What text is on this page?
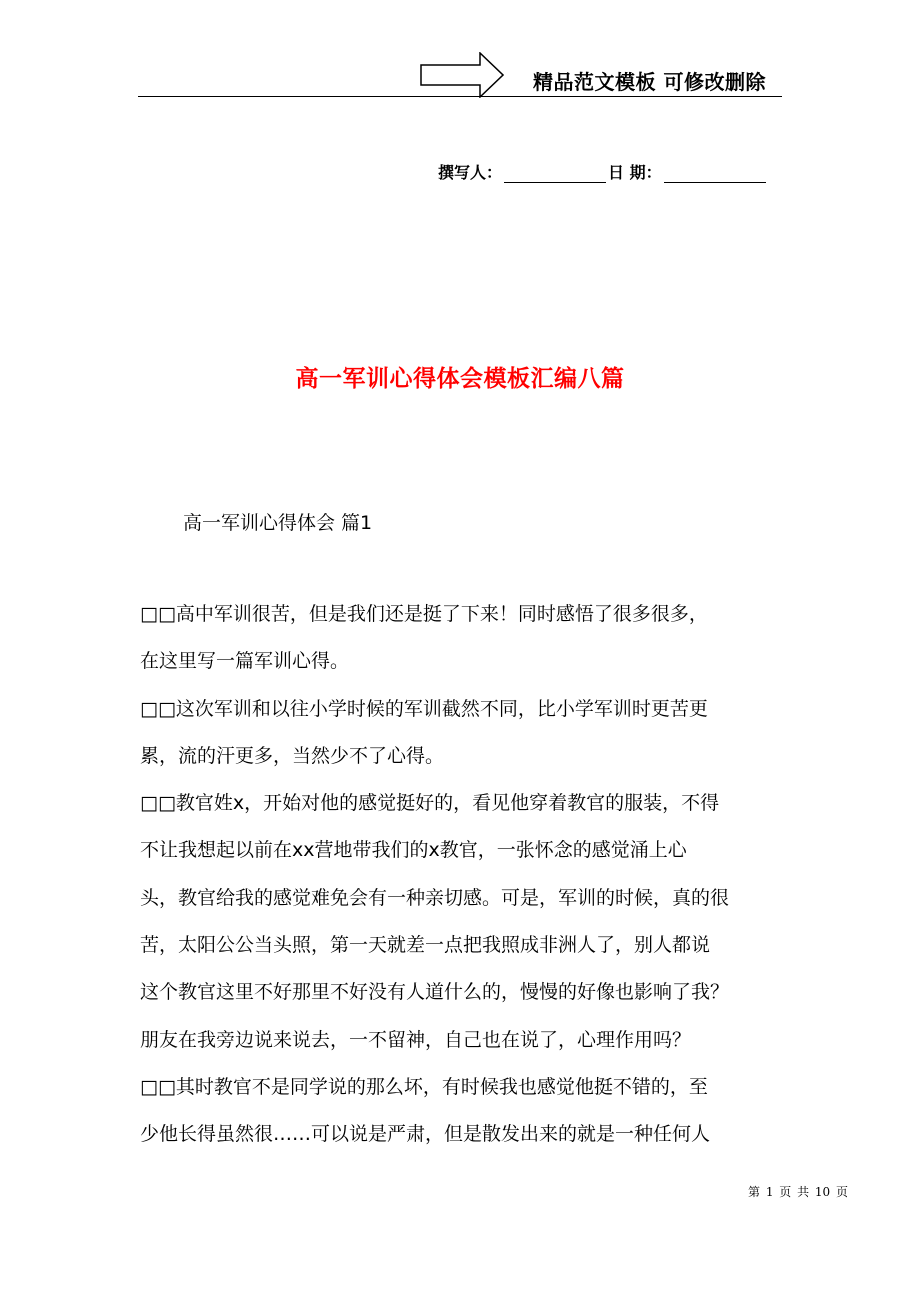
精品范文模板 可修改删除
撰写人：	日 期：
高一军训心得体会模板汇编八篇
高一军训心得体会 篇1
□□高中军训很苦，但是我们还是挺了下来！同时感悟了很多很多，
在这里写一篇军训心得。
□□这次军训和以往小学时候的军训截然不同，比小学军训时更苦更
累，流的汗更多，当然少不了心得。
□□教官姓x，开始对他的感觉挺好的，看见他穿着教官的服装，不得
不让我想起以前在xx营地带我们的x教官，一张怀念的感觉涌上心
头，教官给我的感觉难免会有一种亲切感。可是，军训的时候，真的很
苦，太阳公公当头照，第一天就差一点把我照成非洲人了，别人都说
这个教官这里不好那里不好没有人道什么的，慢慢的好像也影响了我？
朋友在我旁边说来说去，一不留神，自己也在说了，心理作用吗？
□□其时教官不是同学说的那么坏，有时候我也感觉他挺不错的，至
少他长得虽然很……可以说是严肃，但是散发出来的就是一种任何人
第 1 页 共 10 页
